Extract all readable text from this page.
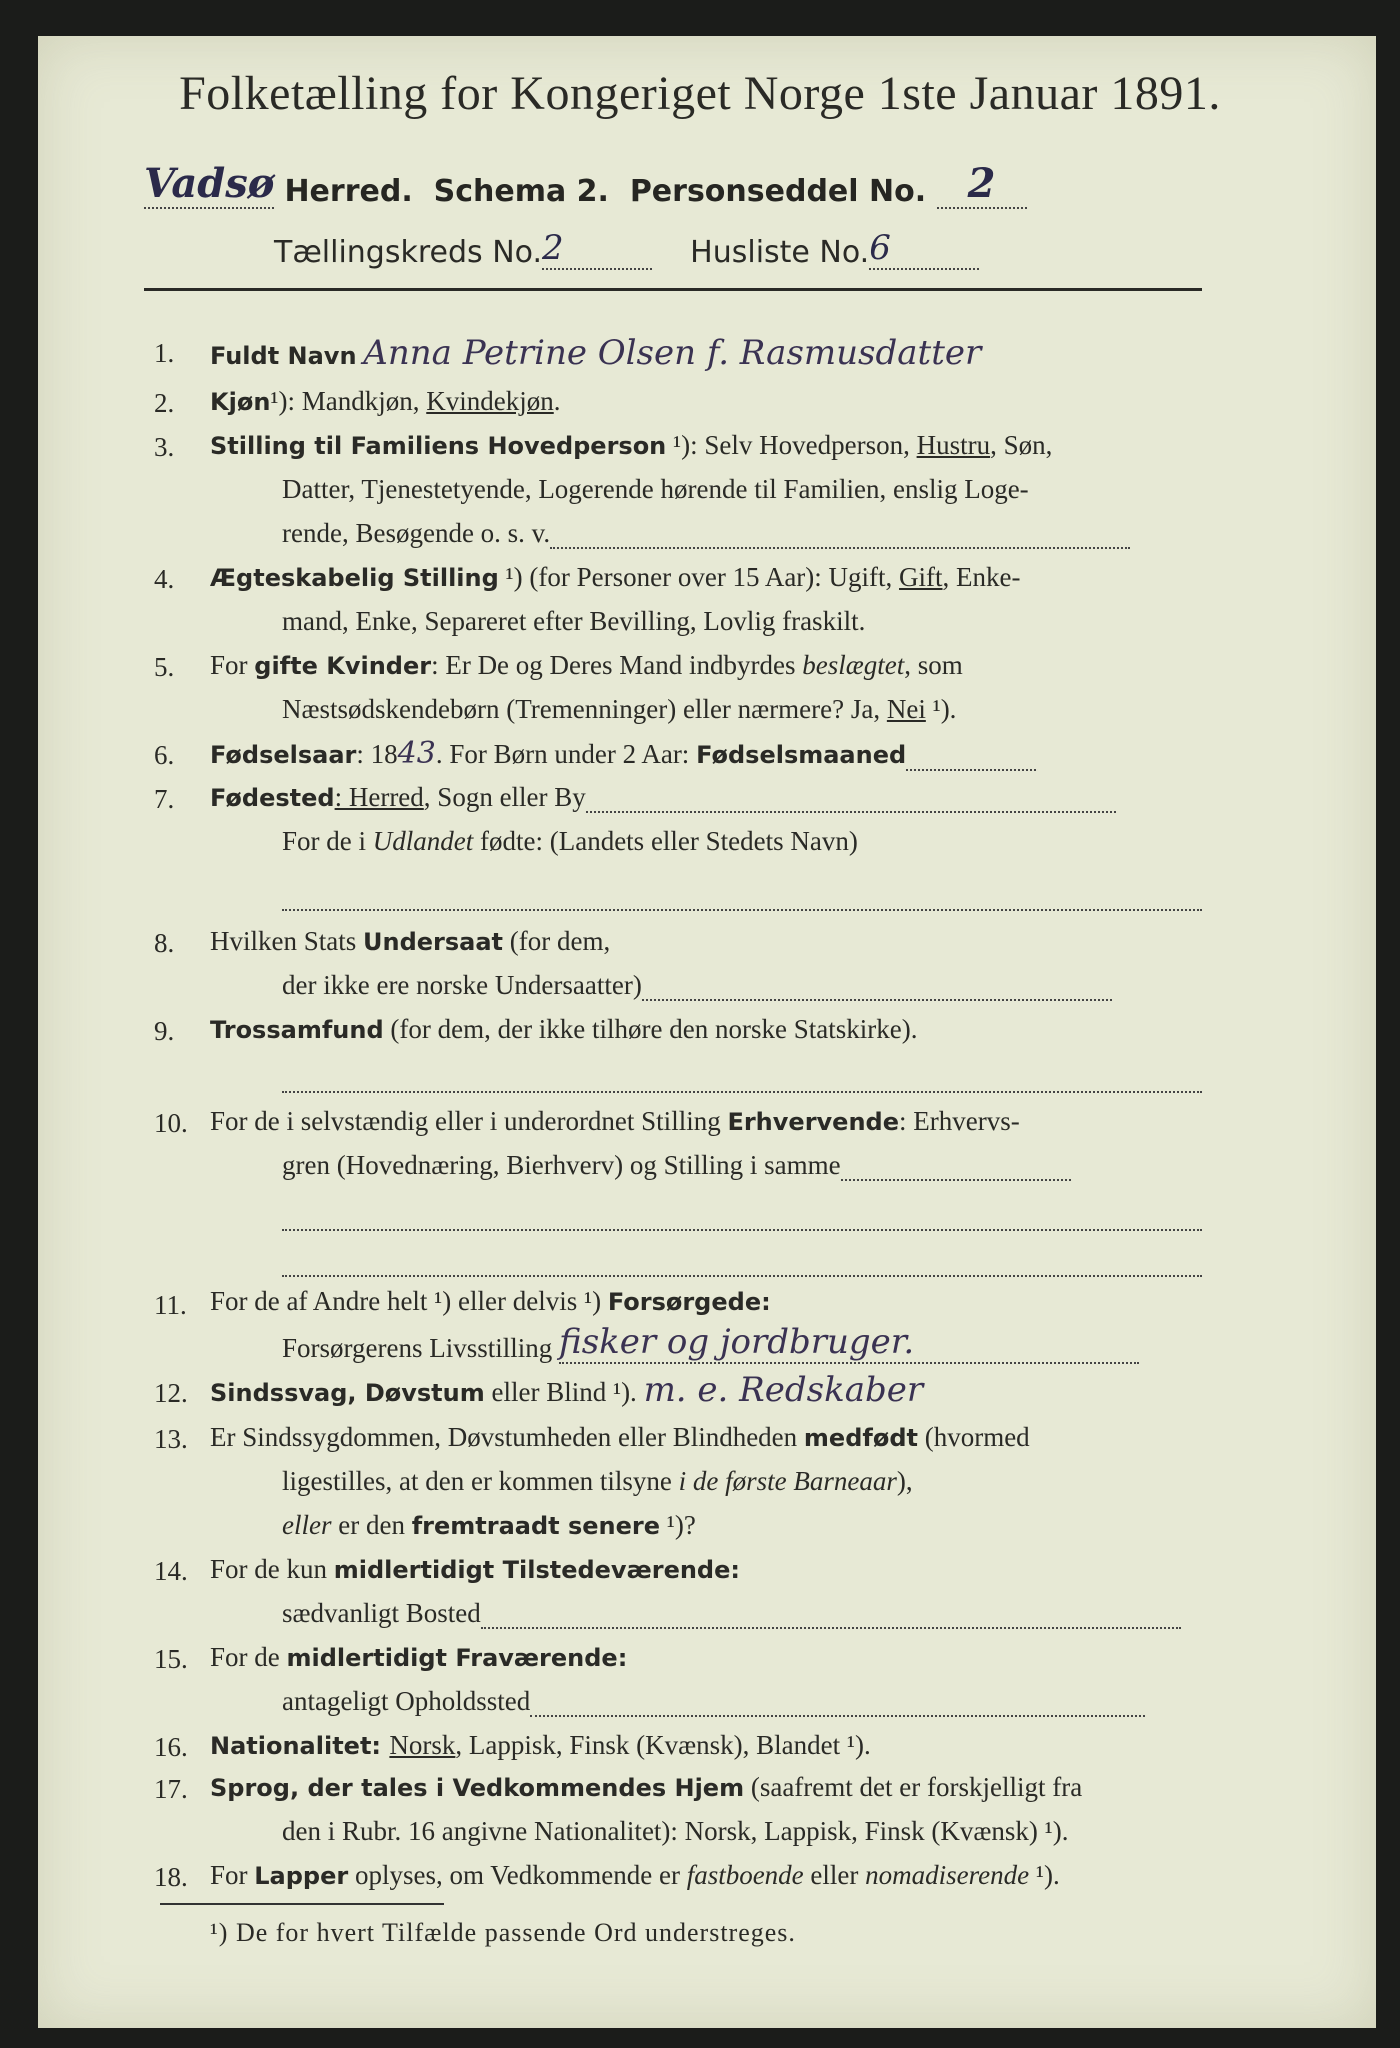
Folketælling for Kongeriget Norge 1ste Januar 1891.
Vadsø Herred. Schema 2. Personseddel No. 2
Tællingskreds No.2	Husliste No.6
1. Fuldt Navn Anna Petrine Olsen f. Rasmusdatter
2. Kjøn¹): Mandkjøn, Kvindekjøn.
3. Stilling til Familiens Hovedperson ¹): Selv Hovedperson, Hustru, Søn,
Datter, Tjenestetyende, Logerende hørende til Familien, enslig Loge-
rende, Besøgende o. s. v.
4. Ægteskabelig Stilling ¹) (for Personer over 15 Aar): Ugift, Gift, Enke-
mand, Enke, Separeret efter Bevilling, Lovlig fraskilt.
5. For gifte Kvinder: Er De og Deres Mand indbyrdes beslægtet, som
Næstsødskendebørn (Tremenninger) eller nærmere? Ja, Nei ¹).
6. Fødselsaar: 1843. For Børn under 2 Aar: Fødselsmaaned
7. Fødested: Herred, Sogn eller By
For de i Udlandet fødte: (Landets eller Stedets Navn)
8. Hvilken Stats Undersaat (for dem,
der ikke ere norske Undersaatter)
9. Trossamfund (for dem, der ikke tilhøre den norske Statskirke).
10. For de i selvstændig eller i underordnet Stilling Erhvervende: Erhvervs-
gren (Hovednæring, Bierhverv) og Stilling i samme
11. For de af Andre helt ¹) eller delvis ¹) Forsørgede:
Forsørgerens Livsstilling fisker og jordbruger.
12. Sindssvag, Døvstum eller Blind ¹). m. e. Redskaber
13. Er Sindssygdommen, Døvstumheden eller Blindheden medfødt (hvormed
ligestilles, at den er kommen tilsyne i de første Barneaar),
eller er den fremtraadt senere ¹)?
14. For de kun midlertidigt Tilstedeværende:
sædvanligt Bosted
15. For de midlertidigt Fraværende:
antageligt Opholdssted
16. Nationalitet: Norsk, Lappisk, Finsk (Kvænsk), Blandet ¹).
17. Sprog, der tales i Vedkommendes Hjem (saafremt det er forskjelligt fra
den i Rubr. 16 angivne Nationalitet): Norsk, Lappisk, Finsk (Kvænsk) ¹).
18. For Lapper oplyses, om Vedkommende er fastboende eller nomadiserende ¹).
¹) De for hvert Tilfælde passende Ord understreges.
